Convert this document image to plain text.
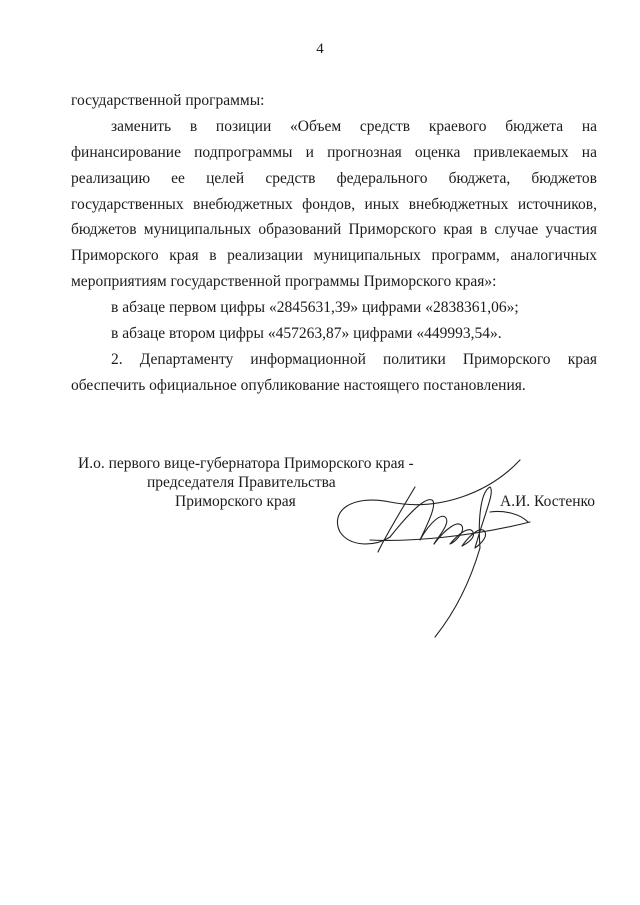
4
государственной программы:
заменить в позиции «Объем средств краевого бюджета на
финансирование подпрограммы и прогнозная оценка привлекаемых на
реализацию ее целей средств федерального бюджета, бюджетов
государственных внебюджетных фондов, иных внебюджетных источников,
бюджетов муниципальных образований Приморского края в случае участия
Приморского края в реализации муниципальных программ, аналогичных
мероприятиям государственной программы Приморского края»:
в абзаце первом цифры «2845631,39» цифрами «2838361,06»;
в абзаце втором цифры «457263,87» цифрами «449993,54».
2. Департаменту информационной политики Приморского края
обеспечить официальное опубликование настоящего постановления.
И.о. первого вице-губернатора Приморского края -
председателя Правительства
Приморского края	А.И. Костенко
